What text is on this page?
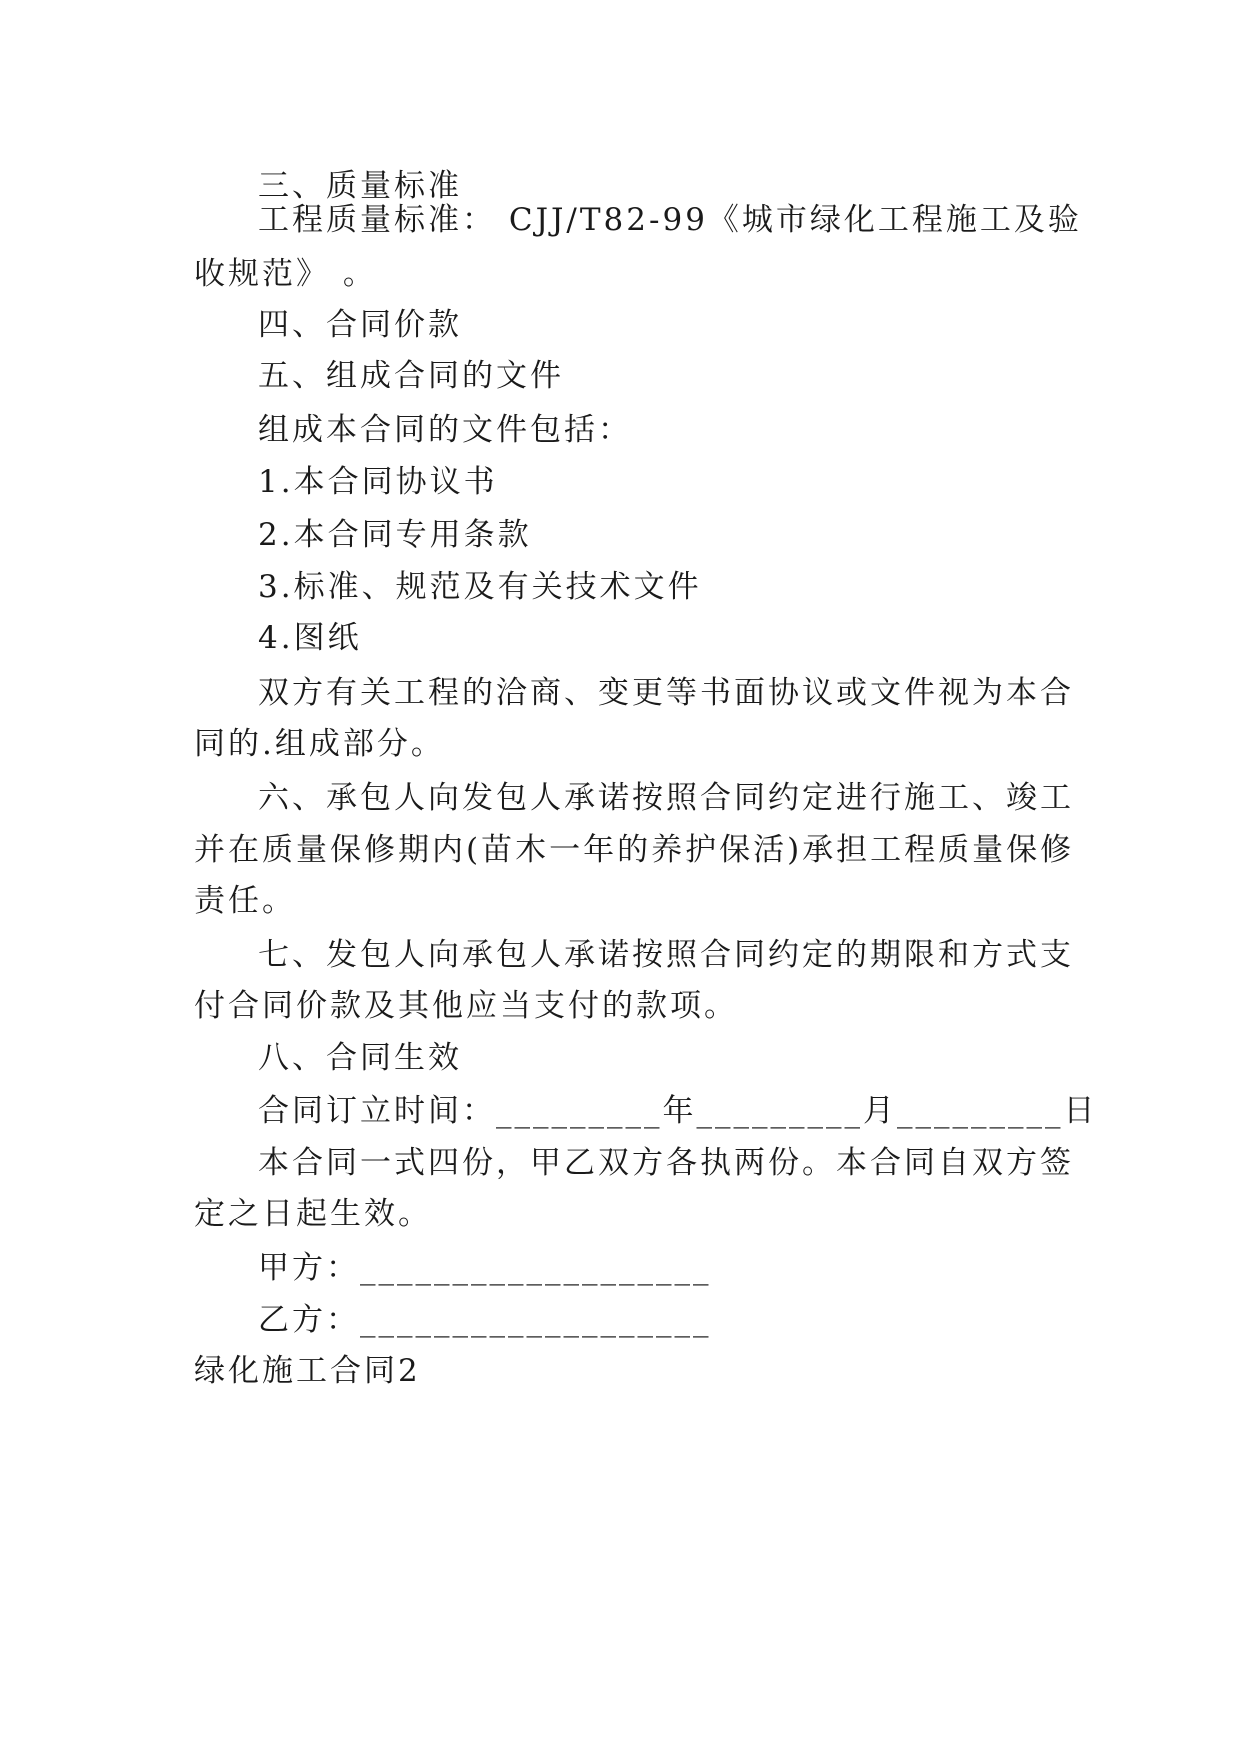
三、质量标准
工程质量标准： CJJ/T82-99《城市绿化工程施工及验
收规范》 。
四、合同价款
五、组成合同的文件
组成本合同的文件包括：
1.本合同协议书
2.本合同专用条款
3.标准、规范及有关技术文件
4.图纸
双方有关工程的洽商、变更等书面协议或文件视为本合
同的.组成部分。
六、承包人向发包人承诺按照合同约定进行施工、竣工
并在质量保修期内(苗木一年的养护保活)承担工程质量保修
责任。
七、发包人向承包人承诺按照合同约定的期限和方式支
付合同价款及其他应当支付的款项。
八、合同生效
合同订立时间：_________年_________月_________日
本合同一式四份，甲乙双方各执两份。本合同自双方签
定之日起生效。
甲方：___________________
乙方：___________________
绿化施工合同2
